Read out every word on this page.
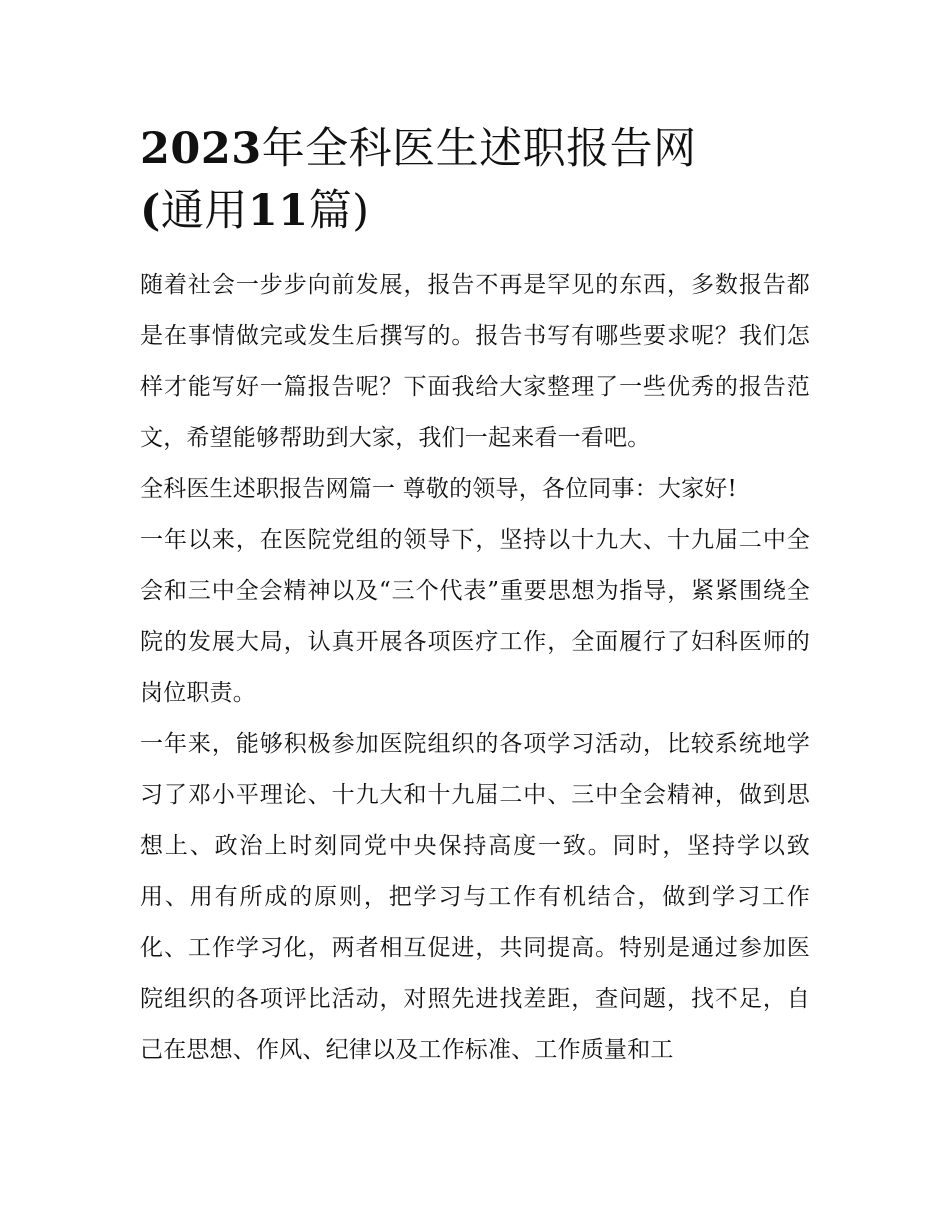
2023年全科医生述职报告网
(通用11篇)

随着社会一步步向前发展，报告不再是罕见的东西，多数报告都是在事情做完或发生后撰写的。报告书写有哪些要求呢？我们怎样才能写好一篇报告呢？下面我给大家整理了一些优秀的报告范文，希望能够帮助到大家，我们一起来看一看吧。

全科医生述职报告网篇一 尊敬的领导，各位同事：大家好!

一年以来，在医院党组的领导下，坚持以十九大、十九届二中全会和三中全会精神以及“三个代表”重要思想为指导，紧紧围绕全院的发展大局，认真开展各项医疗工作，全面履行了妇科医师的岗位职责。

一年来，能够积极参加医院组织的各项学习活动，比较系统地学习了邓小平理论、十九大和十九届二中、三中全会精神，做到思想上、政治上时刻同党中央保持高度一致。同时，坚持学以致用、用有所成的原则，把学习与工作有机结合，做到学习工作化、工作学习化，两者相互促进，共同提高。特别是通过参加医院组织的各项评比活动，对照先进找差距，查问题，找不足，自己在思想、作风、纪律以及工作标准、工作质量和工
